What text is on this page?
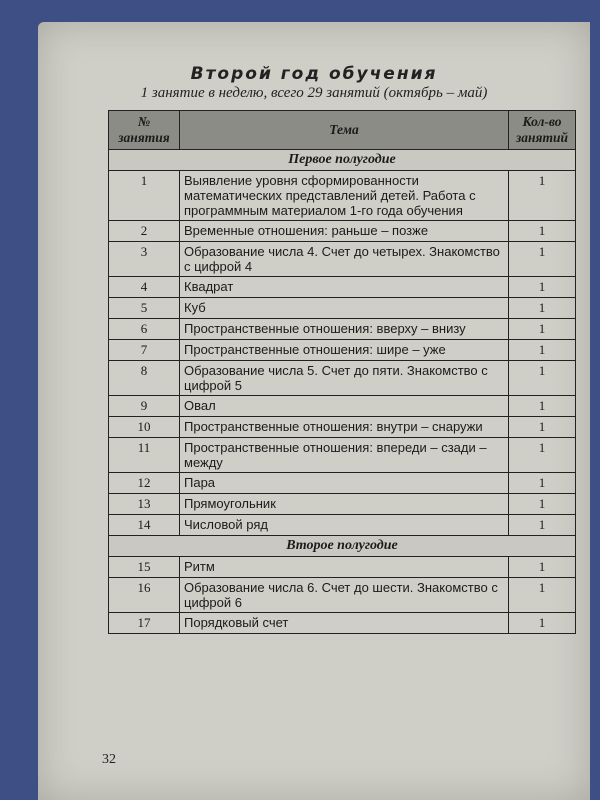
Второй год обучения
1 занятие в неделю, всего 29 занятий (октябрь – май)
№ занятия	Тема	Кол-во занятий
Первое полугодие		
1	Выявление уровня сформированности математических представлений детей. Работа с программным материалом 1-го года обучения	1
2	Временные отношения: раньше – позже	1
3	Образование числа 4. Счет до четырех. Знакомство с цифрой 4	1
4	Квадрат	1
5	Куб	1
6	Пространственные отношения: вверху – внизу	1
7	Пространственные отношения: шире – уже	1
8	Образование числа 5. Счет до пяти. Знакомство с цифрой 5	1
9	Овал	1
10	Пространственные отношения: внутри – снаружи	1
11	Пространственные отношения: впереди – сзади – между	1
12	Пара	1
13	Прямоугольник	1
14	Числовой ряд	1
Второе полугодие		
15	Ритм	1
16	Образование числа 6. Счет до шести. Знакомство с цифрой 6	1
17	Порядковый счет	1
32
